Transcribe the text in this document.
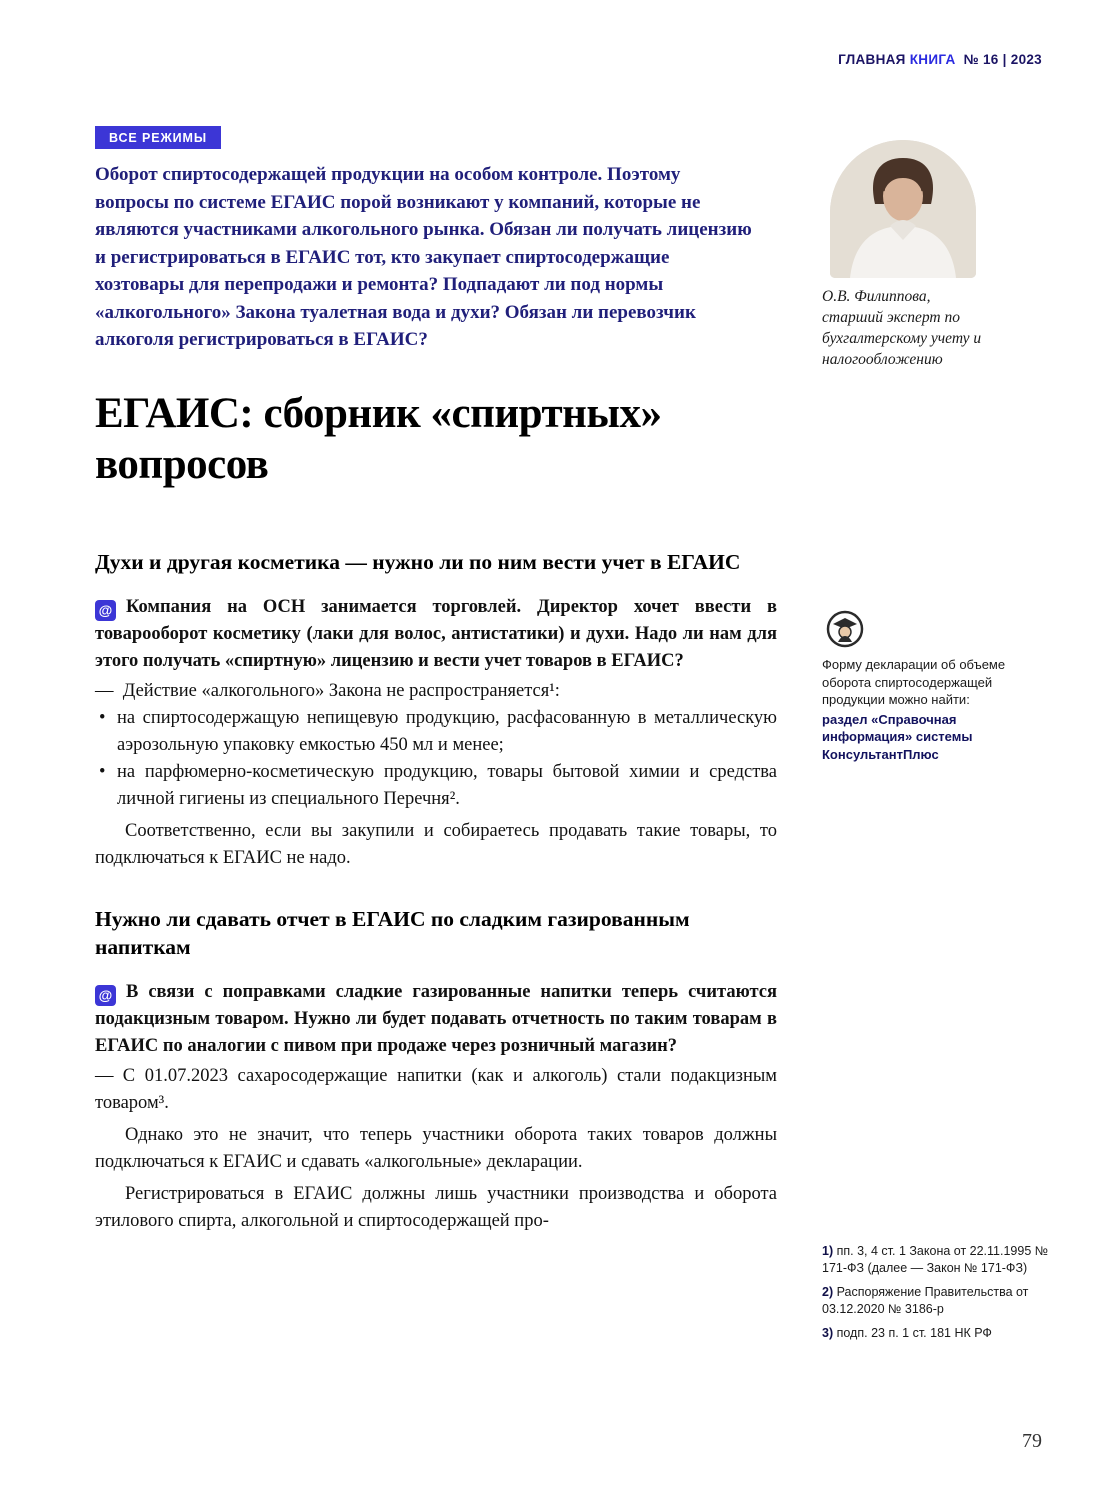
ГЛАВНАЯ КНИГА № 16 | 2023
ВСЕ РЕЖИМЫ

Оборот спиртосодержащей продукции на особом контроле. Поэтому вопросы по системе ЕГАИС порой возникают у компаний, которые не являются участниками алкогольного рынка. Обязан ли получать лицензию и регистрироваться в ЕГАИС тот, кто закупает спиртосодержащие хозтовары для перепродажи и ремонта? Подпадают ли под нормы «алкогольного» Закона туалетная вода и духи? Обязан ли перевозчик алкоголя регистрироваться в ЕГАИС?

ЕГАИС: сборник «спиртных» вопросов
Духи и другая косметика — нужно ли по ним вести учет в ЕГАИС

@Компания на ОСН занимается торговлей. Директор хочет ввести в товарооборот косметику (лаки для волос, антистатики) и духи. Надо ли нам для этого получать «спиртную» лицензию и вести учет товаров в ЕГАИС?

— Действие «алкогольного» Закона не распространяется¹:

• на спиртосодержащую непищевую продукцию, расфасованную в металлическую аэрозольную упаковку емкостью 450 мл и менее;
• на парфюмерно-косметическую продукцию, товары бытовой химии и средства личной гигиены из специального Перечня².

Соответственно, если вы закупили и собираетесь продавать такие товары, то подключаться к ЕГАИС не надо.

Нужно ли сдавать отчет в ЕГАИС по сладким газированным напиткам

@В связи с поправками сладкие газированные напитки теперь считаются подакцизным товаром. Нужно ли будет подавать отчетность по таким товарам в ЕГАИС по аналогии с пивом при продаже через розничный магазин?

— С 01.07.2023 сахаросодержащие напитки (как и алкоголь) стали подакцизным товаром³.

Однако это не значит, что теперь участники оборота таких товаров должны подключаться к ЕГАИС и сдавать «алкогольные» декларации.

Регистрироваться в ЕГАИС должны лишь участники производства и оборота этилового спирта, алкогольной и спиртосодержащей про-

О.В. Филиппова,
старший эксперт по бухгалтерскому учету и налогообложению
Форму декларации об объеме оборота спиртосодержащей продукции можно найти:
раздел «Справочная информация» системы КонсультантПлюс
1) пп. 3, 4 ст. 1 Закона от 22.11.1995 № 171-ФЗ (далее — Закон № 171-ФЗ)
2) Распоряжение Правительства от 03.12.2020 № 3186-р
3) подп. 23 п. 1 ст. 181 НК РФ
79
